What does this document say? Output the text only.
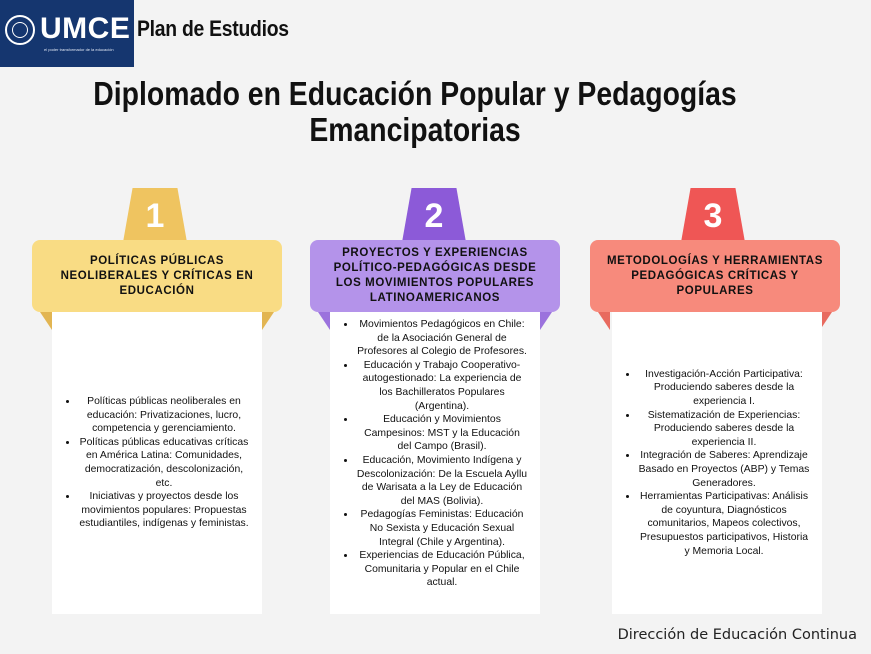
UMCE
el poder transformador de la educación
Plan de Estudios
Diplomado en Educación Popular y Pedagogías Emancipatorias
1
POLÍTICAS PÚBLICAS NEOLIBERALES Y CRÍTICAS EN EDUCACIÓN
• Políticas públicas neoliberales en educación: Privatizaciones, lucro, competencia y gerenciamiento.
• Políticas públicas educativas críticas en América Latina: Comunidades, democratización, descolonización, etc.
• Iniciativas y proyectos desde los movimientos populares: Propuestas estudiantiles, indígenas y feministas.
2
PROYECTOS Y EXPERIENCIAS POLÍTICO-PEDAGÓGICAS DESDE LOS MOVIMIENTOS POPULARES LATINOAMERICANOS
• Movimientos Pedagógicos en Chile: de la Asociación General de Profesores al Colegio de Profesores.
• Educación y Trabajo Cooperativo-autogestionado: La experiencia de los Bachilleratos Populares (Argentina).
• Educación y Movimientos Campesinos: MST y la Educación del Campo (Brasil).
• Educación, Movimiento Indígena y Descolonización: De la Escuela Ayllu de Warisata a la Ley de Educación del MAS (Bolivia).
• Pedagogías Feministas: Educación No Sexista y Educación Sexual Integral (Chile y Argentina).
• Experiencias de Educación Pública, Comunitaria y Popular en el Chile actual.
3
METODOLOGÍAS Y HERRAMIENTAS PEDAGÓGICAS CRÍTICAS Y POPULARES
• Investigación-Acción Participativa: Produciendo saberes desde la experiencia I.
• Sistematización de Experiencias: Produciendo saberes desde la experiencia II.
• Integración de Saberes: Aprendizaje Basado en Proyectos (ABP) y Temas Generadores.
• Herramientas Participativas: Análisis de coyuntura, Diagnósticos comunitarios, Mapeos colectivos, Presupuestos participativos, Historia y Memoria Local.
Dirección de Educación Continua
